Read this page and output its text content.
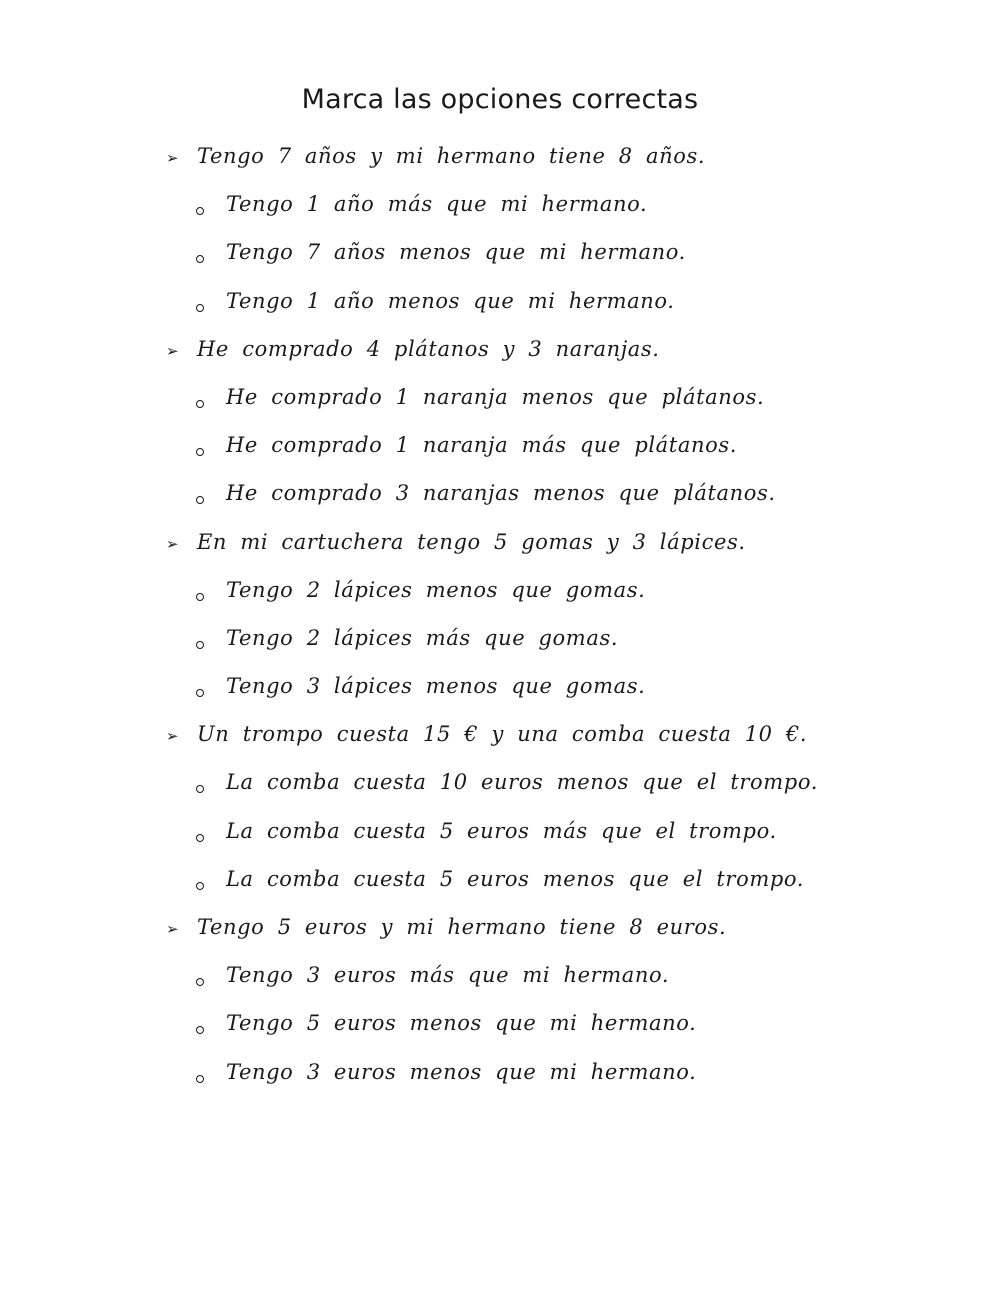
Marca las opciones correctas
➢ Tengo 7 años y mi hermano tiene 8 años.
Tengo 1 año más que mi hermano.
Tengo 7 años menos que mi hermano.
Tengo 1 año menos que mi hermano.
➢ He comprado 4 plátanos y 3 naranjas.
He comprado 1 naranja menos que plátanos.
He comprado 1 naranja más que plátanos.
He comprado 3 naranjas menos que plátanos.
➢ En mi cartuchera tengo 5 gomas y 3 lápices.
Tengo 2 lápices menos que gomas.
Tengo 2 lápices más que gomas.
Tengo 3 lápices menos que gomas.
➢ Un trompo cuesta 15 € y una comba cuesta 10 €.
La comba cuesta 10 euros menos que el trompo.
La comba cuesta 5 euros más que el trompo.
La comba cuesta 5 euros menos que el trompo.
➢ Tengo 5 euros y mi hermano tiene 8 euros.
Tengo 3 euros más que mi hermano.
Tengo 5 euros menos que mi hermano.
Tengo 3 euros menos que mi hermano.
